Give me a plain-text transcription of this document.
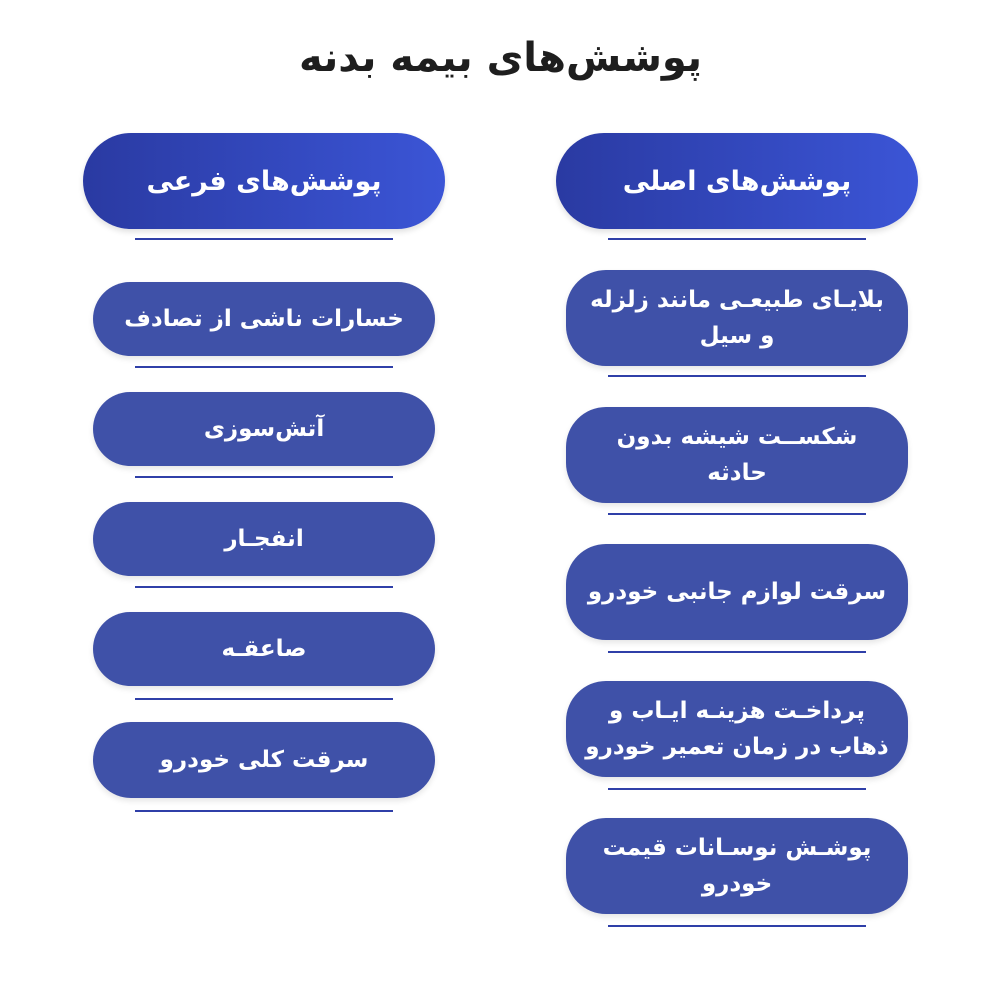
پوشش‌های بیمه بدنه
پوشش‌های اصلی
بلایـای طبیعـی مانند زلزله و سیل
شکســت شیشه بدون حادثه
سرقت لوازم جانبی خودرو
پرداخـت هزینـه ایـاب و ذهاب در زمان تعمیر خودرو
پوشـش نوسـانات قیمت خودرو
پوشش‌های فرعی
خسارات ناشی از تصادف
آتش‌سوزی
انفجـار
صاعقـه
سرقت کلی خودرو
